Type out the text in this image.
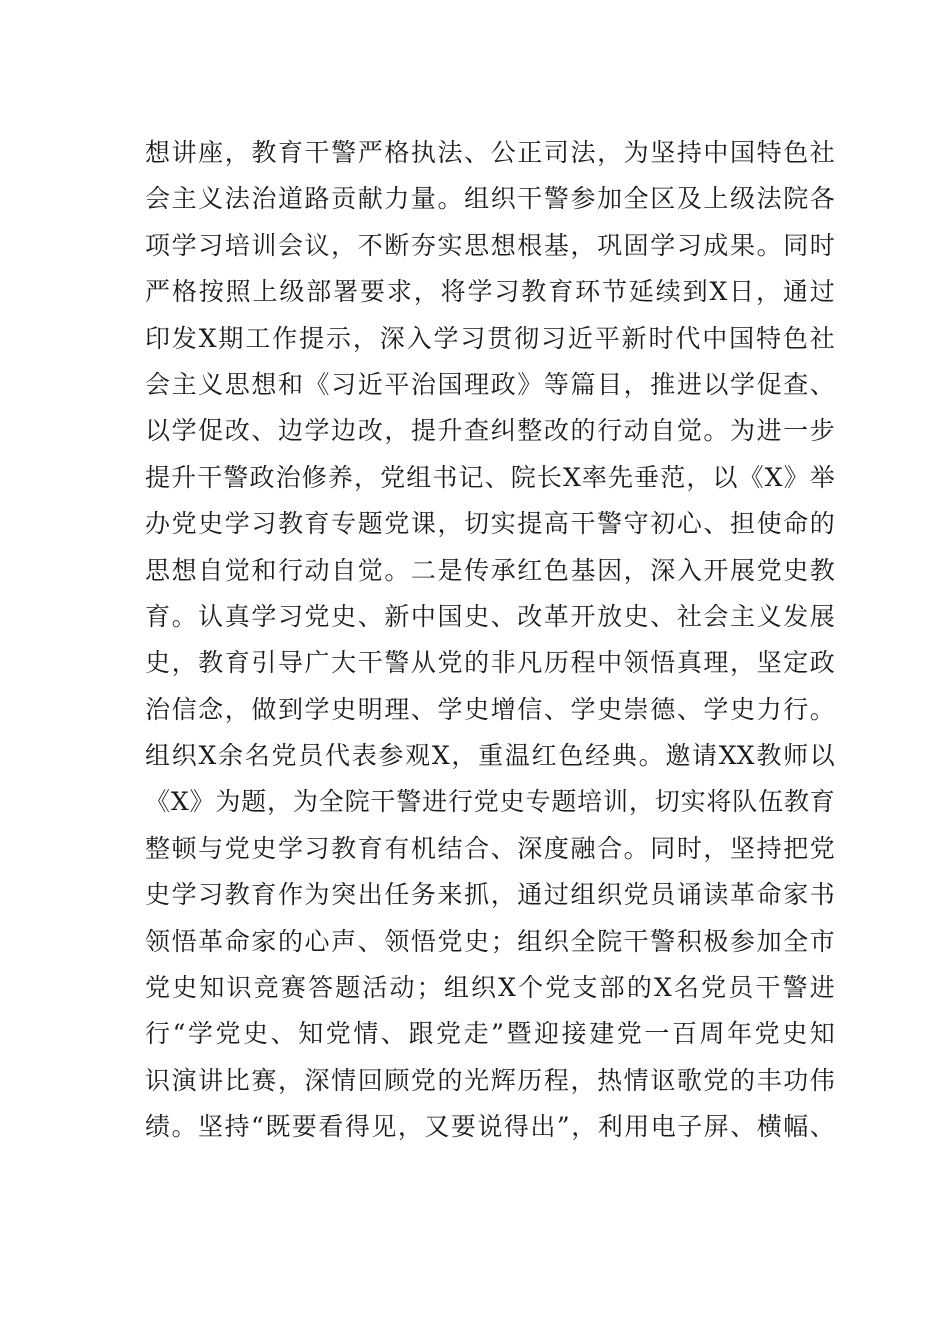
想讲座，教育干警严格执法、公正司法，为坚持中国特色社
会主义法治道路贡献力量。组织干警参加全区及上级法院各
项学习培训会议，不断夯实思想根基，巩固学习成果。同时
严格按照上级部署要求，将学习教育环节延续到X日，通过
印发X期工作提示，深入学习贯彻习近平新时代中国特色社
会主义思想和《习近平治国理政》等篇目，推进以学促查、
以学促改、边学边改，提升查纠整改的行动自觉。为进一步
提升干警政治修养，党组书记、院长X率先垂范，以《X》举
办党史学习教育专题党课，切实提高干警守初心、担使命的
思想自觉和行动自觉。二是传承红色基因，深入开展党史教
育。认真学习党史、新中国史、改革开放史、社会主义发展
史，教育引导广大干警从党的非凡历程中领悟真理，坚定政
治信念，做到学史明理、学史增信、学史崇德、学史力行。
组织X余名党员代表参观X，重温红色经典。邀请XX教师以
《X》为题，为全院干警进行党史专题培训，切实将队伍教育
整顿与党史学习教育有机结合、深度融合。同时，坚持把党
史学习教育作为突出任务来抓，通过组织党员诵读革命家书
领悟革命家的心声、领悟党史；组织全院干警积极参加全市
党史知识竞赛答题活动；组织X个党支部的X名党员干警进
行“学党史、知党情、跟党走”暨迎接建党一百周年党史知
识演讲比赛，深情回顾党的光辉历程，热情讴歌党的丰功伟
绩。坚持“既要看得见，又要说得出”，利用电子屏、横幅、
